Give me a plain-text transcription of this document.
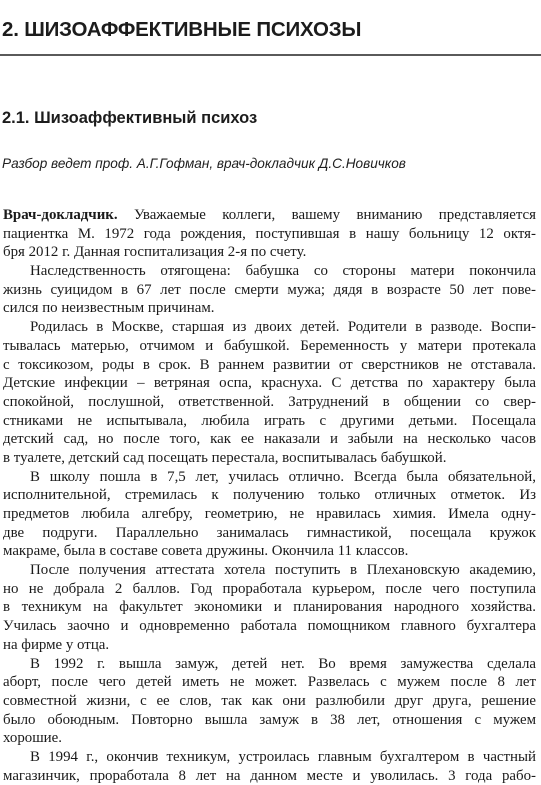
2. ШИЗОАФФЕКТИВНЫЕ ПСИХОЗЫ
2.1. Шизоаффективный психоз
Разбор ведет проф. А.Г.Гофман, врач-докладчик Д.С.Новичков
Врач-докладчик. Уважаемые коллеги, вашему вниманию представляется
пациентка М. 1972 года рождения, поступившая в нашу больницу 12 октя-
бря 2012 г. Данная госпитализация 2-я по счету.
Наследственность отягощена: бабушка со стороны матери покончила
жизнь суицидом в 67 лет после смерти мужа; дядя в возрасте 50 лет пове-
сился по неизвестным причинам.
Родилась в Москве, старшая из двоих детей. Родители в разводе. Воспи-
тывалась матерью, отчимом и бабушкой. Беременность у матери протекала
с токсикозом, роды в срок. В раннем развитии от сверстников не отставала.
Детские инфекции – ветряная оспа, краснуха. С детства по характеру была
спокойной, послушной, ответственной. Затруднений в общении со свер-
стниками не испытывала, любила играть с другими детьми. Посещала
детский сад, но после того, как ее наказали и забыли на несколько часов
в туалете, детский сад посещать перестала, воспитывалась бабушкой.
В школу пошла в 7,5 лет, училась отлично. Всегда была обязательной,
исполнительной, стремилась к получению только отличных отметок. Из
предметов любила алгебру, геометрию, не нравилась химия. Имела одну-
две подруги. Параллельно занималась гимнастикой, посещала кружок
макраме, была в составе совета дружины. Окончила 11 классов.
После получения аттестата хотела поступить в Плехановскую академию,
но не добрала 2 баллов. Год проработала курьером, после чего поступила
в техникум на факультет экономики и планирования народного хозяйства.
Училась заочно и одновременно работала помощником главного бухгалтера
на фирме у отца.
В 1992 г. вышла замуж, детей нет. Во время замужества сделала
аборт, после чего детей иметь не может. Развелась с мужем после 8 лет
совместной жизни, с ее слов, так как они разлюбили друг друга, решение
было обоюдным. Повторно вышла замуж в 38 лет, отношения с мужем
хорошие.
В 1994 г., окончив техникум, устроилась главным бухгалтером в частный
магазинчик, проработала 8 лет на данном месте и уволилась. 3 года рабо-
